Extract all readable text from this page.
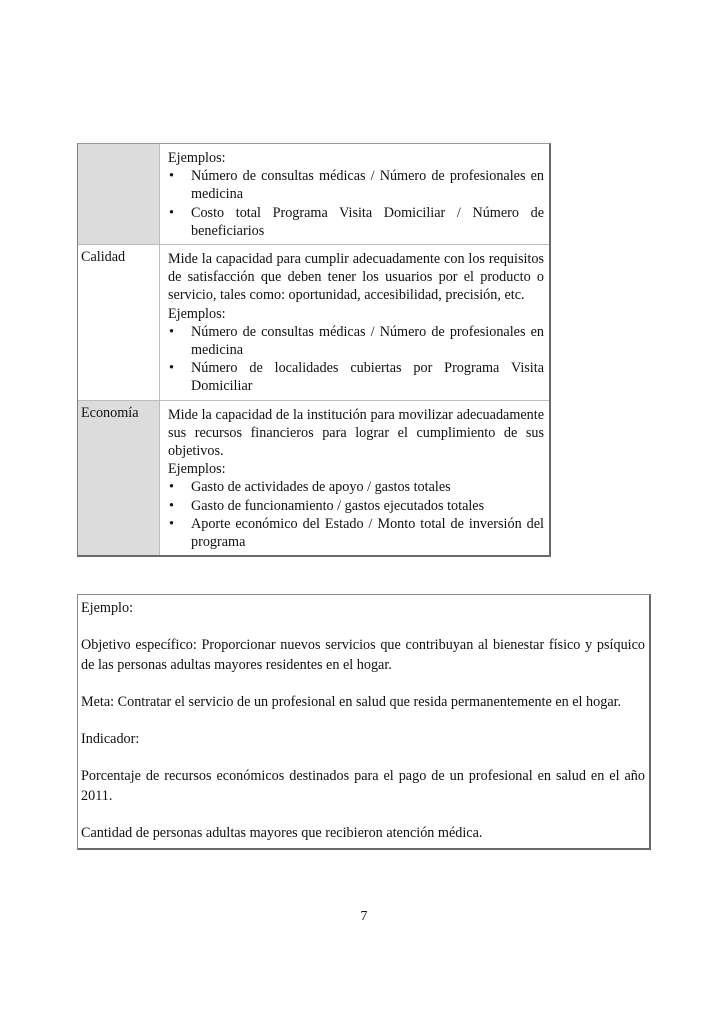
Ejemplos:
• Número de consultas médicas / Número de profesionales en medicina
• Costo total Programa Visita Domiciliar / Número de beneficiarios
Calidad	Mide la capacidad para cumplir adecuadamente con los requisitos de satisfacción que deben tener los usuarios por el producto o servicio, tales como: oportunidad, accesibilidad, precisión, etc.
Ejemplos:
• Número de consultas médicas / Número de profesionales en medicina
• Número de localidades cubiertas por Programa Visita Domiciliar
Economía	Mide la capacidad de la institución para movilizar adecuadamente sus recursos financieros para lograr el cumplimiento de sus objetivos.
Ejemplos:
• Gasto de actividades de apoyo / gastos totales
• Gasto de funcionamiento / gastos ejecutados totales
• Aporte económico del Estado / Monto total de inversión del programa

Ejemplo:

Objetivo específico: Proporcionar nuevos servicios que contribuyan al bienestar físico y psíquico de las personas adultas mayores residentes en el hogar.

Meta: Contratar el servicio de un profesional en salud que resida permanentemente en el hogar.

Indicador:

Porcentaje de recursos económicos destinados para el pago de un profesional en salud en el año 2011.

Cantidad de personas adultas mayores que recibieron atención médica.

7
